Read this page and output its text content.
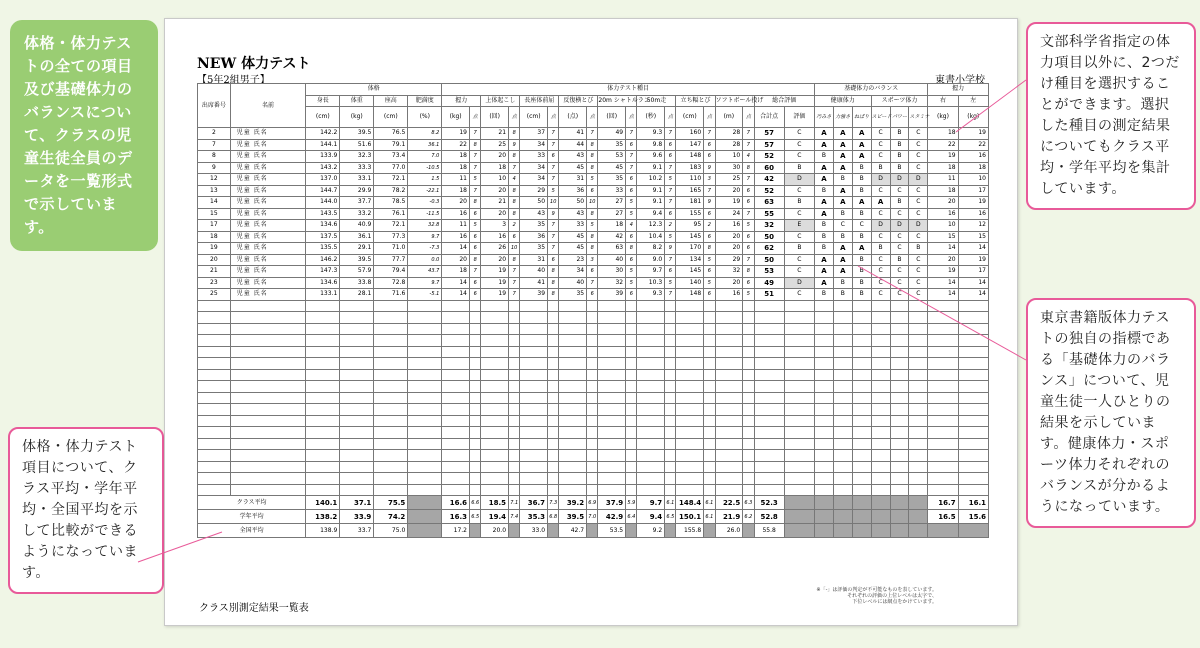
体格・体力テストの全ての項目及び基礎体力のバランスについて、クラスの児童生徒全員のデータを一覧形式で示しています。
体格・体力テスト項目について、クラス平均・学年平均・全国平均を示して比較ができるようになっています。
文部科学省指定の体力項目以外に、2つだけ種目を選択することができます。選択した種目の測定結果についてもクラス平均・学年平均を集計しています。
東京書籍版体力テストの独自の指標である「基礎体力のバランス」について、児童生徒一人ひとりの結果を示しています。健康体力・スポーツ体力それぞれのバランスが分かるようになっています。
NEW 体力テスト
【5年2組男子】	東書小学校
出席番号	名前	体格				体力テスト種目																		基礎体力のバランス						握力	
		身長	体重	座高	肥満度	握力		上体起こし		長座体前屈		反復横とび		20m シャトルラン		50m走		立ち幅とび		ソフトボール投げ		総合評価		健康体力			スポーツ体力			右	左
		(cm)	(kg)	(cm)	(%)	(kg)	点	(回)	点	(cm)	点	(点)	点	(回)	点	(秒)	点	(cm)	点	(m)	点	合計点	評価	巧みさ	力強さ	ねばり	スピード	パワー	スタミナ	(kg)	(kg)
2	児童 氏名	142.2	39.5	76.5	8.2	19	7	21	8	37	7	41	7	49	7	9.3	7	160	7	28	7	57	C	A	A	A	C	B	C	18	19
7	児童 氏名	144.1	51.6	79.1	36.1	22	8	25	9	34	7	44	8	35	6	9.8	6	147	6	28	7	57	C	A	A	A	C	B	C	22	22
8	児童 氏名	133.9	32.3	73.4	7.0	18	7	20	8	33	6	43	8	53	7	9.6	6	148	6	10	4	52	C	B	A	A	C	B	C	19	16
9	児童 氏名	143.2	33.3	77.0	-10.5	18	7	18	7	34	7	45	8	45	7	9.1	7	183	9	30	8	60	B	A	A	B	B	B	C	18	18
12	児童 氏名	137.0	33.1	72.1	1.5	11	5	10	4	34	7	31	5	35	6	10.2	5	110	3	25	7	42	D	A	B	B	D	D	D	11	10
13	児童 氏名	144.7	29.9	78.2	-22.1	18	7	20	8	29	5	36	6	33	6	9.1	7	165	7	20	6	52	C	B	A	B	C	C	C	18	17
14	児童 氏名	144.0	37.7	78.5	-0.3	20	8	21	8	50	10	50	10	27	5	9.1	7	181	9	19	6	63	B	A	A	A	A	B	C	20	19
15	児童 氏名	143.5	33.2	76.1	-11.5	16	6	20	8	43	9	43	8	27	5	9.4	6	155	6	24	7	55	C	A	B	B	C	C	C	16	16
17	児童 氏名	134.6	40.9	72.1	32.8	11	5	3	2	35	7	33	5	18	4	12.3	2	95	2	16	5	32	E	B	C	C	D	D	D	10	12
18	児童 氏名	137.5	36.1	77.3	9.7	16	6	16	6	36	7	45	8	42	6	10.4	5	145	6	20	6	50	C	B	B	B	C	C	C	15	15
19	児童 氏名	135.5	29.1	71.0	-7.3	14	6	26	10	35	7	45	8	63	8	8.2	9	170	8	20	6	62	B	B	A	A	B	C	B	14	14
20	児童 氏名	146.2	39.5	77.7	0.0	20	8	20	8	31	6	23	3	40	6	9.0	7	134	5	29	7	50	C	A	A	B	C	B	C	20	19
21	児童 氏名	147.3	57.9	79.4	43.7	18	7	19	7	40	8	34	6	30	5	9.7	6	145	6	32	8	53	C	A	A	B	C	C	C	19	17
23	児童 氏名	134.6	33.8	72.8	9.7	14	6	19	7	41	8	40	7	32	5	10.3	5	140	5	20	6	49	D	A	B	B	C	C	C	14	14
25	児童 氏名	133.1	28.1	71.6	-5.1	14	6	19	7	39	8	35	6	39	6	9.3	7	148	6	16	5	51	C	B	B	B	C	C	C	14	14

クラス平均		140.1	37.1	75.5		16.6	6.6	18.5	7.1	36.7	7.3	39.2	6.9	37.9	5.9	9.7	6.1	148.4	6.1	22.5	6.3	52.3								16.7	16.1
学年平均		138.2	33.9	74.2		16.3	6.5	19.4	7.4	35.3	6.8	39.5	7.0	42.9	6.4	9.4	6.5	150.1	6.1	21.9	6.2	52.8								16.5	15.6
全国平均		138.9	33.7	75.0		17.2		20.0		33.0		42.7		53.5		9.2		155.8		26.0		55.8									
※「-」は評価の判定が不可能なものを表しています。
それぞれの評価の上位レベルは太字で、
下位レベルには網点をかけています。
クラス別測定結果一覧表
